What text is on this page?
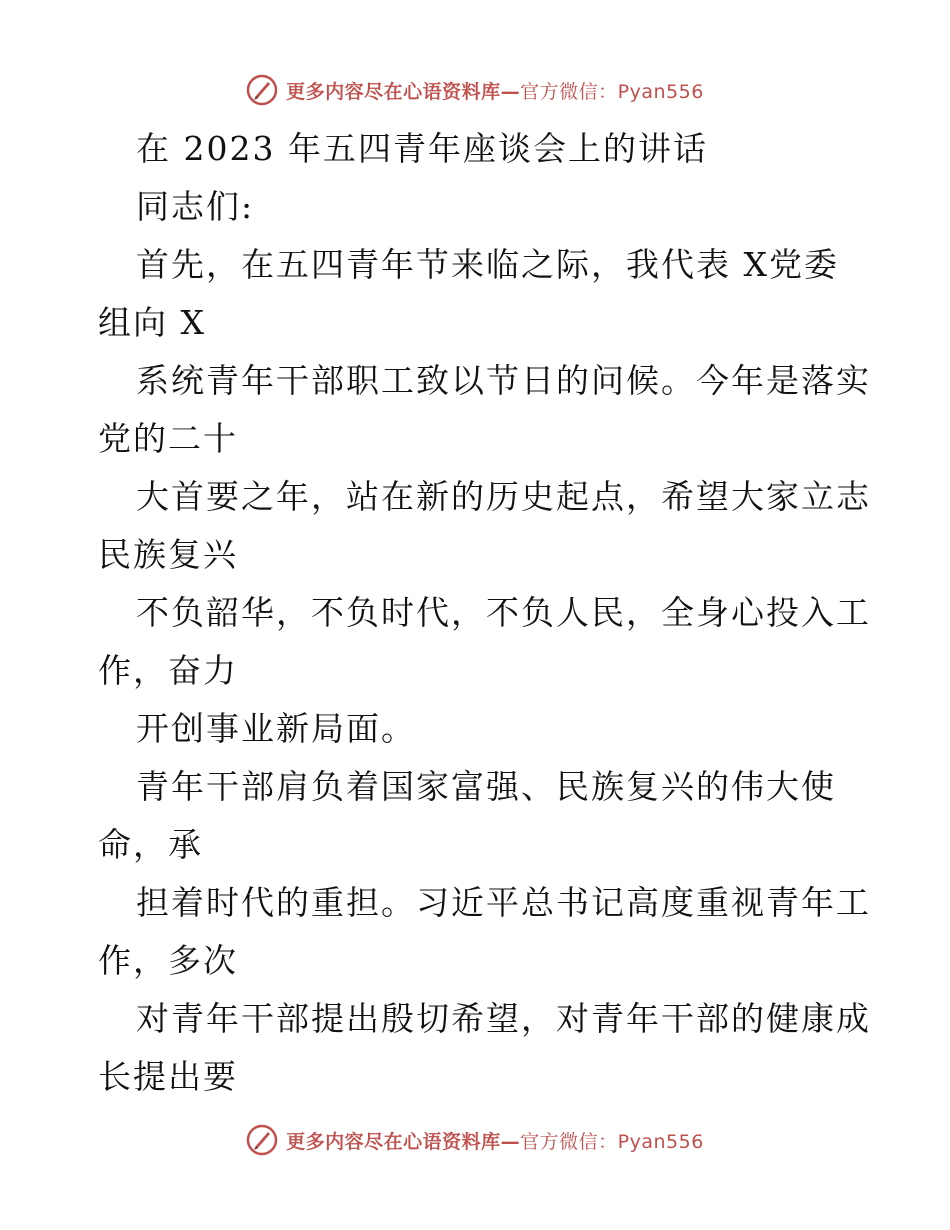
更多内容尽在心语资料库—官方微信：Pyan556
在 2023 年五四青年座谈会上的讲话
同志们:
首先，在五四青年节来临之际，我代表 X党委
组向 X
系统青年干部职工致以节日的问候。今年是落实
党的二十
大首要之年，站在新的历史起点，希望大家立志
民族复兴
不负韶华，不负时代，不负人民，全身心投入工
作，奋力
开创事业新局面。
青年干部肩负着国家富强、民族复兴的伟大使
命，承
担着时代的重担。习近平总书记高度重视青年工
作，多次
对青年干部提出殷切希望，对青年干部的健康成
长提出要
更多内容尽在心语资料库—官方微信：Pyan556
